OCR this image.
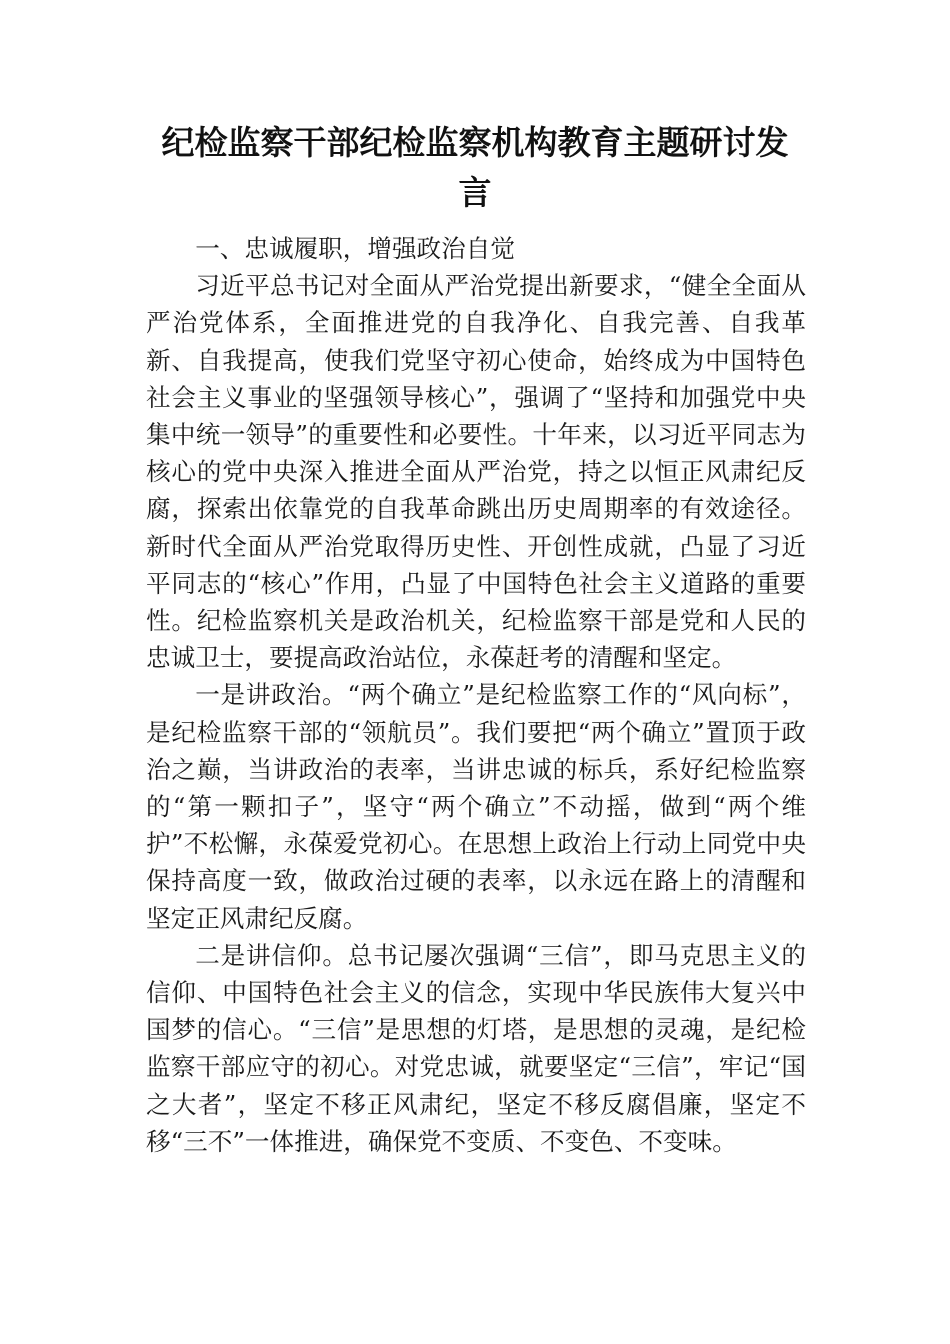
纪检监察干部纪检监察机构教育主题研讨发
言

一、忠诚履职，增强政治自觉

习近平总书记对全面从严治党提出新要求，“健全全面从严治党体系，全面推进党的自我净化、自我完善、自我革新、自我提高，使我们党坚守初心使命，始终成为中国特色社会主义事业的坚强领导核心”，强调了“坚持和加强党中央集中统一领导”的重要性和必要性。十年来，以习近平同志为核心的党中央深入推进全面从严治党，持之以恒正风肃纪反腐，探索出依靠党的自我革命跳出历史周期率的有效途径。新时代全面从严治党取得历史性、开创性成就，凸显了习近平同志的“核心”作用，凸显了中国特色社会主义道路的重要性。纪检监察机关是政治机关，纪检监察干部是党和人民的忠诚卫士，要提高政治站位，永葆赶考的清醒和坚定。

一是讲政治。“两个确立”是纪检监察工作的“风向标”，是纪检监察干部的“领航员”。我们要把“两个确立”置顶于政治之巅，当讲政治的表率，当讲忠诚的标兵，系好纪检监察的“第一颗扣子”，坚守“两个确立”不动摇，做到“两个维护”不松懈，永葆爱党初心。在思想上政治上行动上同党中央保持高度一致，做政治过硬的表率，以永远在路上的清醒和坚定正风肃纪反腐。

二是讲信仰。总书记屡次强调“三信”，即马克思主义的信仰、中国特色社会主义的信念，实现中华民族伟大复兴中国梦的信心。“三信”是思想的灯塔，是思想的灵魂，是纪检监察干部应守的初心。对党忠诚，就要坚定“三信”，牢记“国之大者”，坚定不移正风肃纪，坚定不移反腐倡廉，坚定不移“三不”一体推进，确保党不变质、不变色、不变味。
